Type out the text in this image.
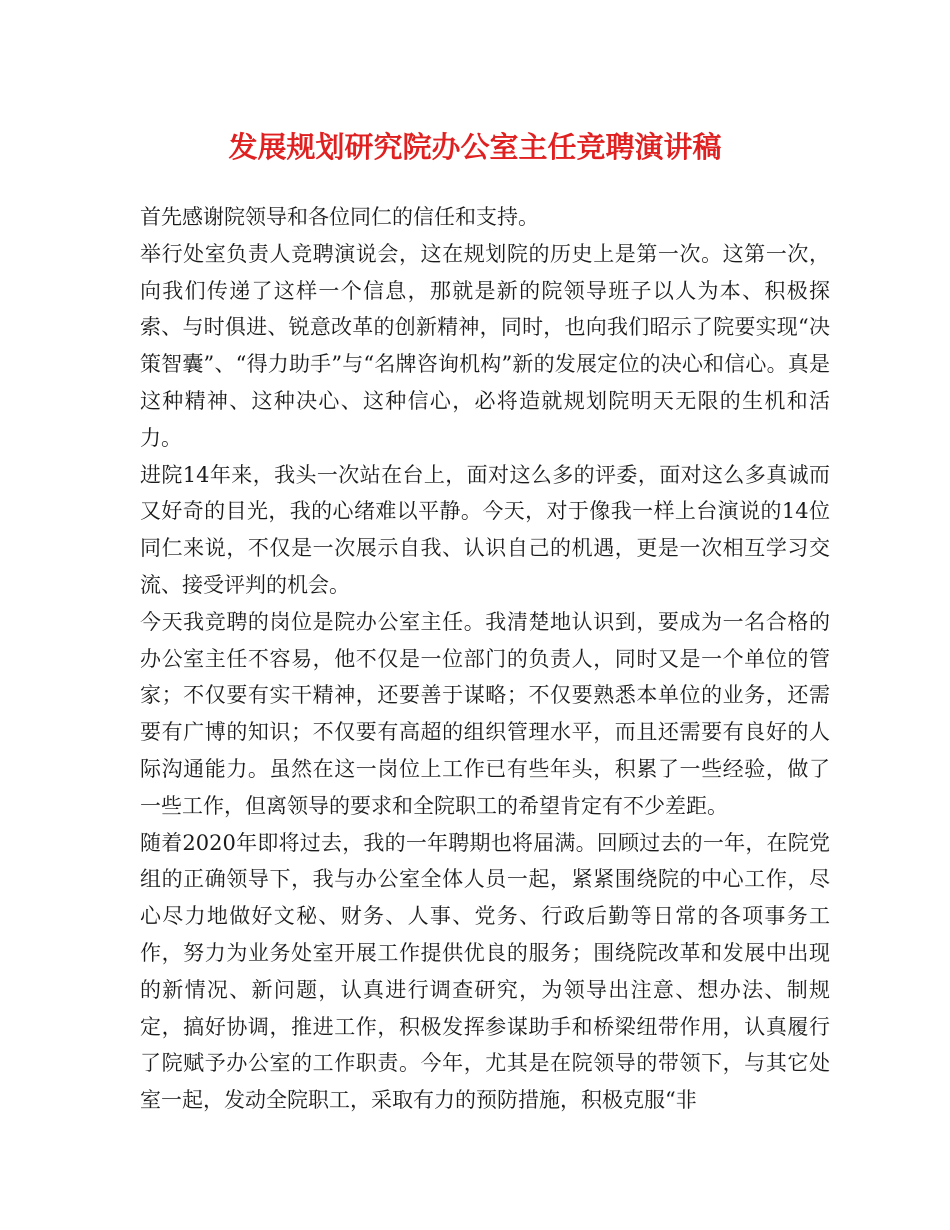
发展规划研究院办公室主任竞聘演讲稿

首先感谢院领导和各位同仁的信任和支持。

举行处室负责人竞聘演说会，这在规划院的历史上是第一次。这第一次，向我们传递了这样一个信息，那就是新的院领导班子以人为本、积极探索、与时俱进、锐意改革的创新精神，同时，也向我们昭示了院要实现“决策智囊”、“得力助手”与“名牌咨询机构”新的发展定位的决心和信心。真是这种精神、这种决心、这种信心，必将造就规划院明天无限的生机和活力。

进院14年来，我头一次站在台上，面对这么多的评委，面对这么多真诚而又好奇的目光，我的心绪难以平静。今天，对于像我一样上台演说的14位同仁来说，不仅是一次展示自我、认识自己的机遇，更是一次相互学习交流、接受评判的机会。

今天我竞聘的岗位是院办公室主任。我清楚地认识到，要成为一名合格的办公室主任不容易，他不仅是一位部门的负责人，同时又是一个单位的管家；不仅要有实干精神，还要善于谋略；不仅要熟悉本单位的业务，还需要有广博的知识；不仅要有高超的组织管理水平，而且还需要有良好的人际沟通能力。虽然在这一岗位上工作已有些年头，积累了一些经验，做了一些工作，但离领导的要求和全院职工的希望肯定有不少差距。

随着2020年即将过去，我的一年聘期也将届满。回顾过去的一年，在院党组的正确领导下，我与办公室全体人员一起，紧紧围绕院的中心工作，尽心尽力地做好文秘、财务、人事、党务、行政后勤等日常的各项事务工作，努力为业务处室开展工作提供优良的服务；围绕院改革和发展中出现的新情况、新问题，认真进行调查研究，为领导出注意、想办法、制规定，搞好协调，推进工作，积极发挥参谋助手和桥梁纽带作用，认真履行了院赋予办公室的工作职责。今年，尤其是在院领导的带领下，与其它处室一起，发动全院职工，采取有力的预防措施，积极克服“非
